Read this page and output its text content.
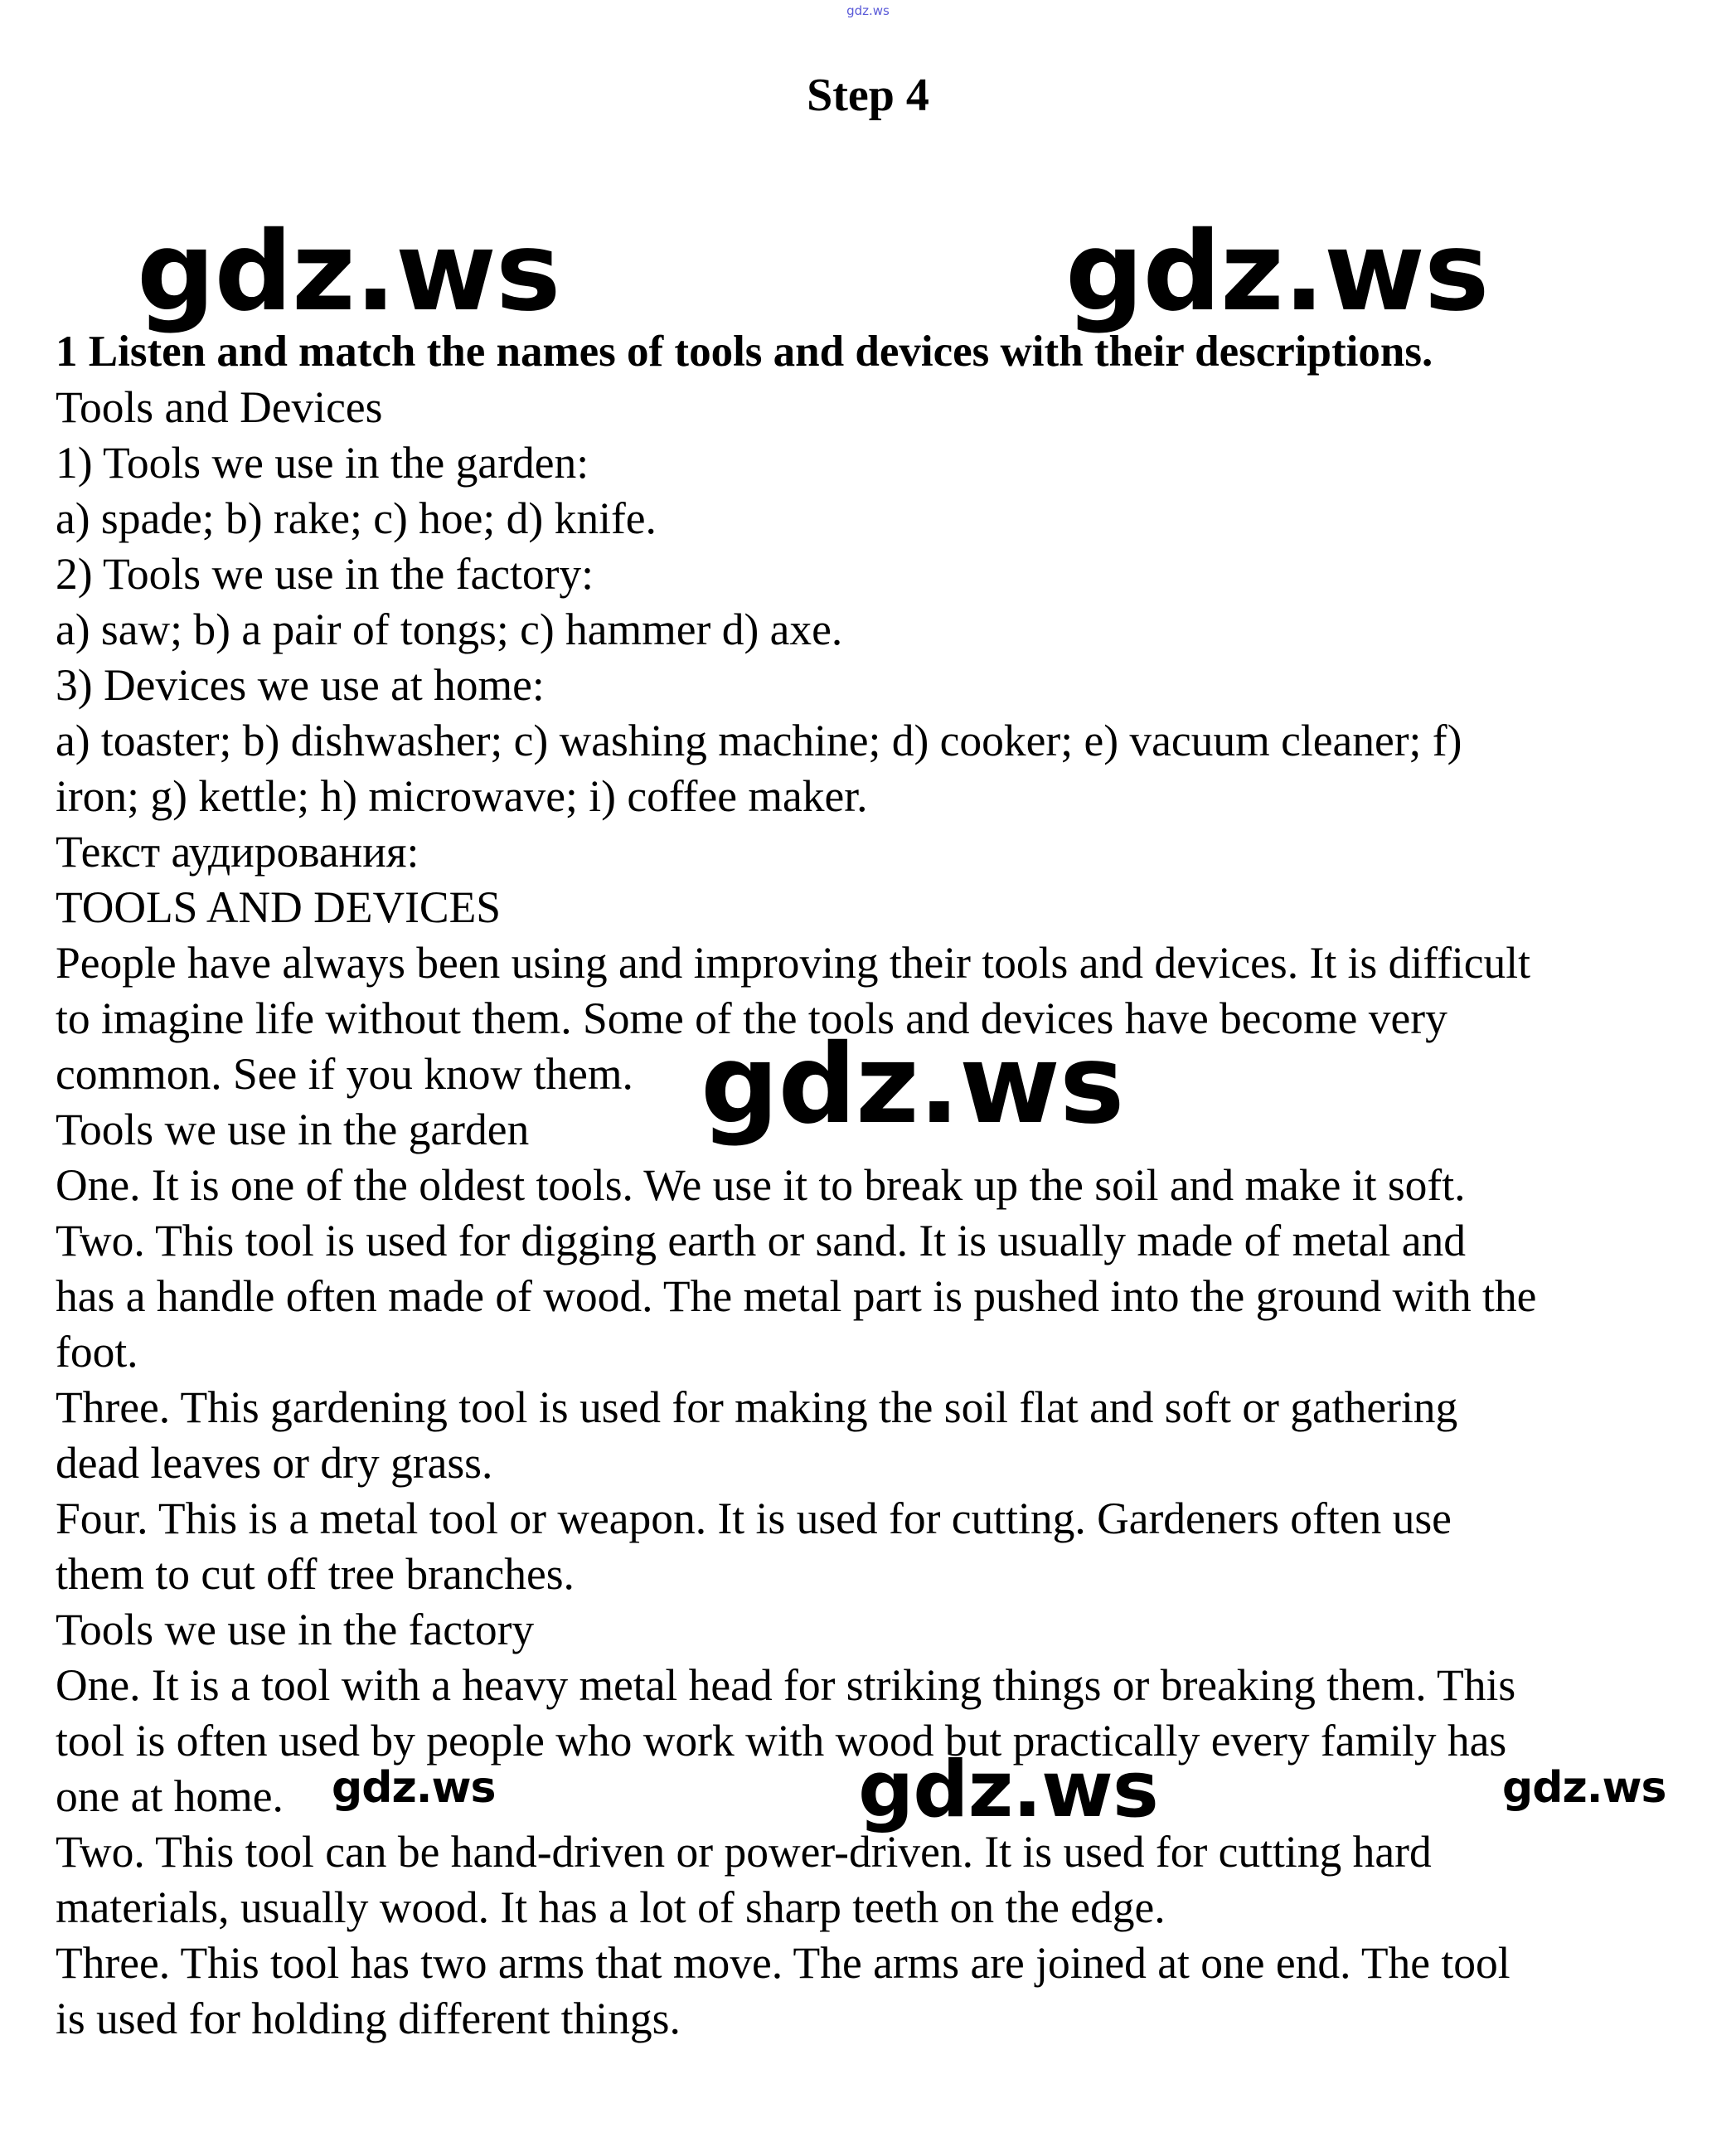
gdz.ws
Step 4
1 Listen and match the names of tools and devices with their descriptions.
Tools and Devices
1) Tools we use in the garden:
a) spade; b) rake; c) hoe; d) knife.
2) Tools we use in the factory:
a) saw; b) a pair of tongs; c) hammer d) axe.
3) Devices we use at home:
a) toaster; b) dishwasher; c) washing machine; d) cooker; e) vacuum cleaner; f)
iron; g) kettle; h) microwave; i) coffee maker.
Текст аудирования:
TOOLS AND DEVICES
People have always been using and improving their tools and devices. It is difficult
to imagine life without them. Some of the tools and devices have become very
common. See if you know them.
Tools we use in the garden
One. It is one of the oldest tools. We use it to break up the soil and make it soft.
Two. This tool is used for digging earth or sand. It is usually made of metal and
has a handle often made of wood. The metal part is pushed into the ground with the
foot.
Three. This gardening tool is used for making the soil flat and soft or gathering
dead leaves or dry grass.
Four. This is a metal tool or weapon. It is used for cutting. Gardeners often use
them to cut off tree branches.
Tools we use in the factory
One. It is a tool with a heavy metal head for striking things or breaking them. This
tool is often used by people who work with wood but practically every family has
one at home.
Two. This tool can be hand-driven or power-driven. It is used for cutting hard
materials, usually wood. It has a lot of sharp teeth on the edge.
Three. This tool has two arms that move. The arms are joined at one end. The tool
is used for holding different things.
gdz.ws	gdz.ws
gdz.ws
gdz.ws	gdz.ws	gdz.ws
